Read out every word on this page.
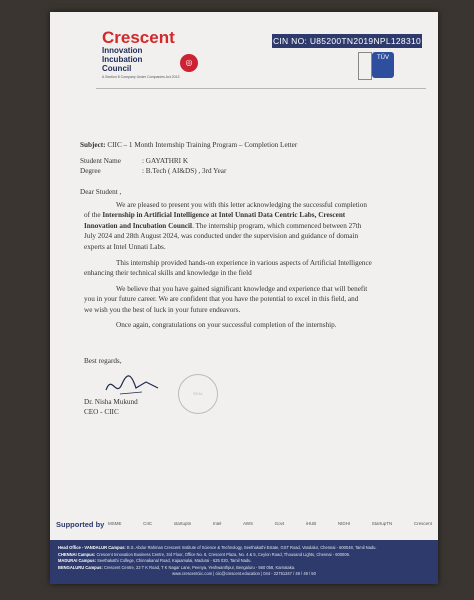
Crescent
Innovation
Incubation
Council
A Section 8 Company Under Companies Act 2013
◎
CIN NO: U85200TN2019NPL128310
TÜV
Subject: CIIC – 1 Month Internship Training Program – Completion Letter
Student Name	: GAYATHRI K
Degree	: B.Tech ( AI&DS) , 3rd Year
Dear Student ,
We are pleased to present you with this letter acknowledging the successful completion
of the Internship in Artificial Intelligence at Intel Unnati Data Centric Labs, Crescent
Innovation and Incubation Council. The internship program, which commenced between 27th
July 2024 and 28th August 2024, was conducted under the supervision and guidance of domain
experts at Intel Unnati Labs.
This internship provided hands-on experience in various aspects of Artificial Intelligence
enhancing their technical skills and knowledge in the field
We believe that you have gained significant knowledge and experience that will benefit
you in your future career. We are confident that you have the potential to excel in this field, and
we wish you the best of luck in your future endeavors.
Once again, congratulations on your successful completion of the internship.
Best regards,
SEAL
Dr. Nisha Mukund
CEO - CIIC
Supported by MSME	CIIC	startuptn	Intel	AWS	Govt	iHUB	NIDHI	StartupTN	Crescent
Head Office - VANDALUR Campus: B.S. Abdur Rahman Crescent Institute of Science & Technology, Seethakathi Estate, GST Road, Vandalur, Chennai - 600048, Tamil Nadu.
CHENNAI Campus: Crescent Innovation Business Centre, 3rd Floor, Office No. 8, Crescent Plaza, No. 4 & 5, Ceylon Road, Thousand Lights, Chennai - 600006.
MADURAI Campus: Seethakathi College, Chinnakanal Road, Kajaamalai, Madurai - 625 020, Tamil Nadu.
BENGALURU Campus: Crescent Centre, 23 T K Road, T K Nagar Lane, Peenya, Yeshwanthpur, Bengaluru - 560 058, Karnataka.
www.crescentciic.com | ciic@crescent.education | 044 - 22751347 / 48 / 49 / 50
